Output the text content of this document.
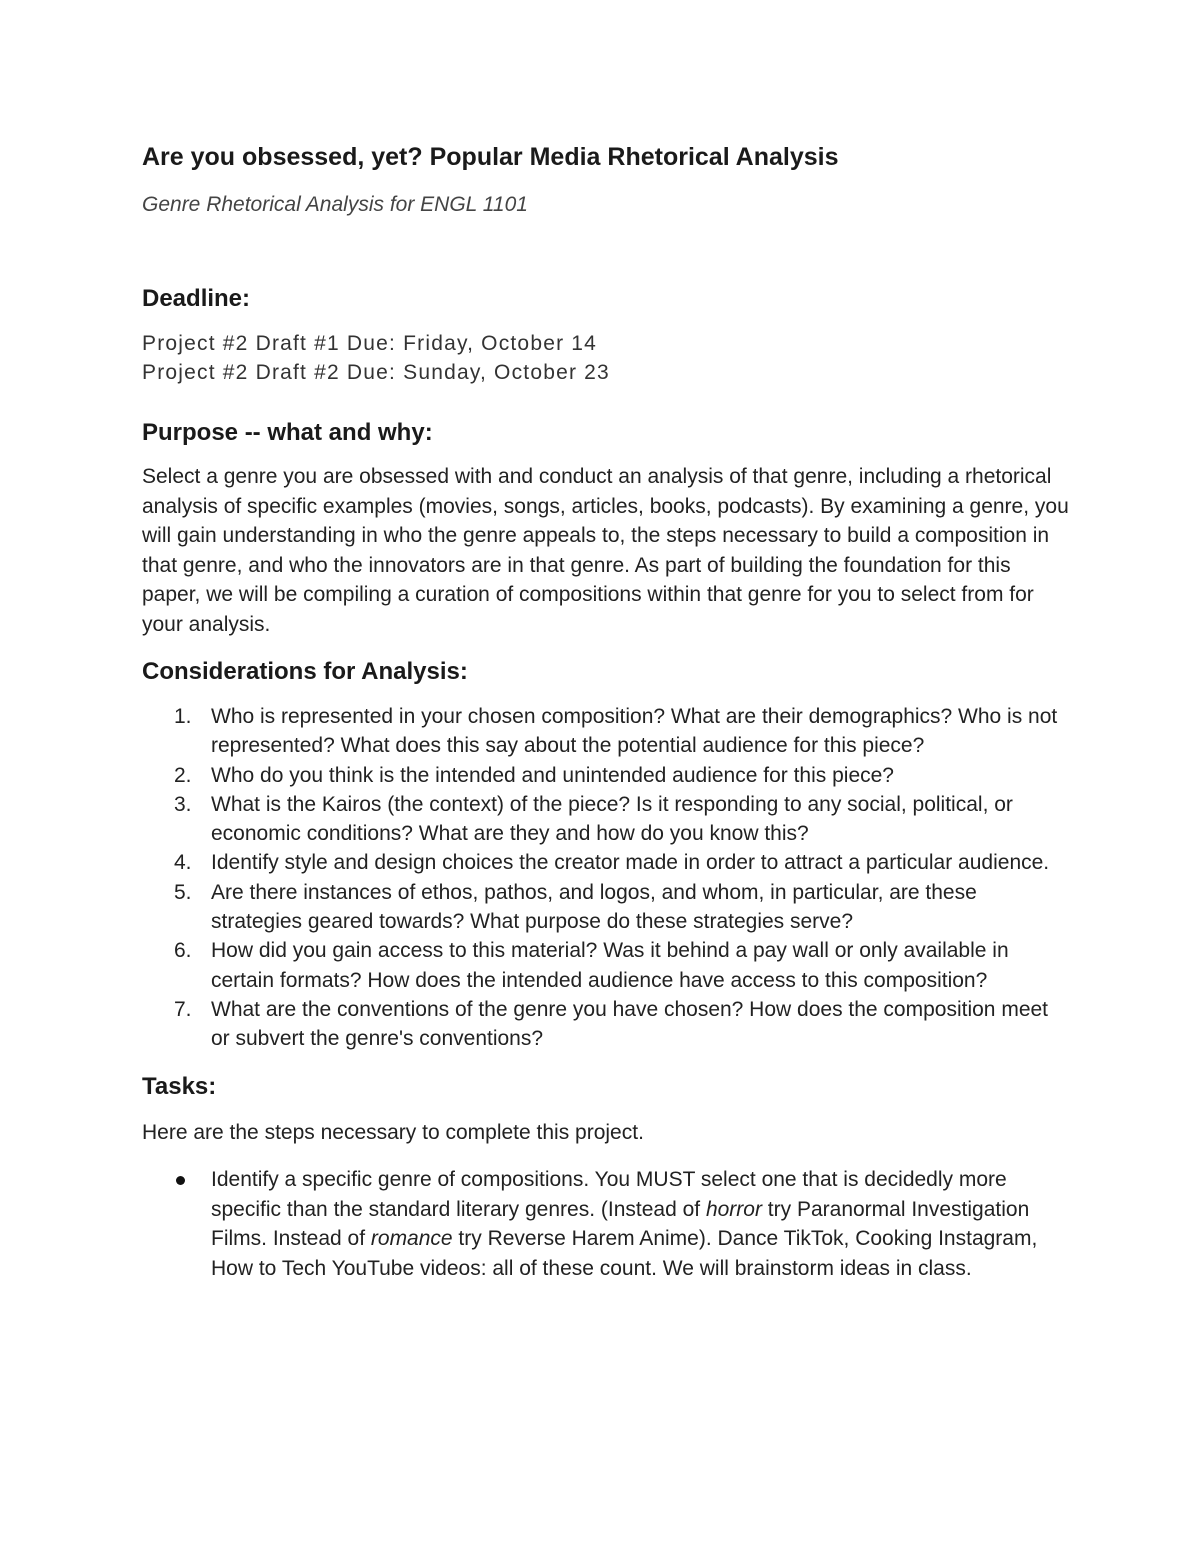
Are you obsessed, yet? Popular Media Rhetorical Analysis

Genre Rhetorical Analysis for ENGL 1101

Deadline:
Project #2 Draft #1 Due: Friday, October 14
Project #2 Draft #2 Due: Sunday, October 23
Purpose -- what and why:

Select a genre you are obsessed with and conduct an analysis of that genre, including a rhetorical analysis of specific examples (movies, songs, articles, books, podcasts). By examining a genre, you will gain understanding in who the genre appeals to, the steps necessary to build a composition in that genre, and who the innovators are in that genre. As part of building the foundation for this paper, we will be compiling a curation of compositions within that genre for you to select from for your analysis.

Considerations for Analysis:
1. Who is represented in your chosen composition? What are their demographics? Who is not represented? What does this say about the potential audience for this piece?
2. Who do you think is the intended and unintended audience for this piece?
3. What is the Kairos (the context) of the piece? Is it responding to any social, political, or economic conditions? What are they and how do you know this?
4. Identify style and design choices the creator made in order to attract a particular audience.
5. Are there instances of ethos, pathos, and logos, and whom, in particular, are these strategies geared towards? What purpose do these strategies serve?
6. How did you gain access to this material? Was it behind a pay wall or only available in certain formats? How does the intended audience have access to this composition?
7. What are the conventions of the genre you have chosen? How does the composition meet or subvert the genre's conventions?
Tasks:

Here are the steps necessary to complete this project.

Identify a specific genre of compositions. You MUST select one that is decidedly more specific than the standard literary genres. (Instead of horror try Paranormal Investigation Films. Instead of romance try Reverse Harem Anime). Dance TikTok, Cooking Instagram, How to Tech YouTube videos: all of these count. We will brainstorm ideas in class.
